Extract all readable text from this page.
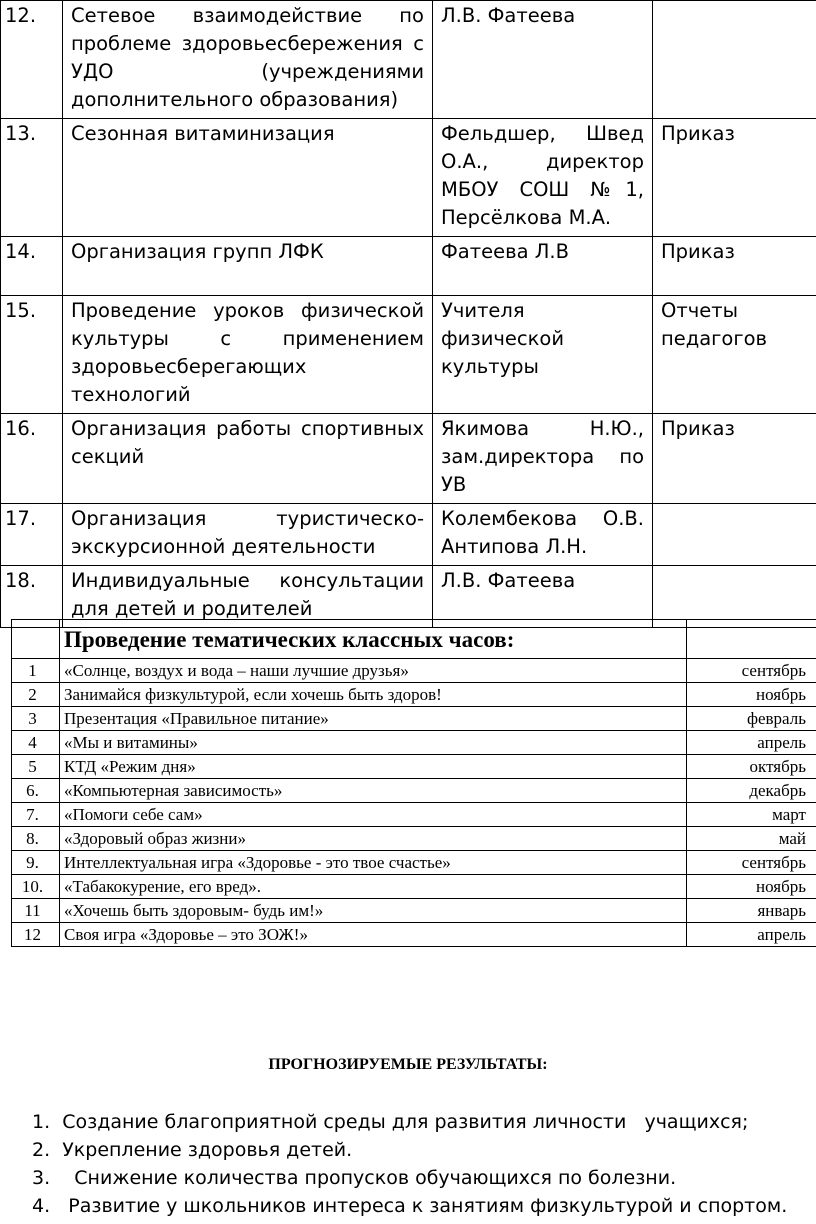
12.	Сетевое взаимодействие по проблеме здоровьесбережения с УДО (учреждениями дополнительного образования)	Л.В. Фатеева	
13.	Сезонная витаминизация	Фельдшер, Швед О.А., директор МБОУ СОШ №1, Персёлкова М.А.	Приказ
14.	Организация групп ЛФК	Фатеева Л.В	Приказ
15.	Проведение уроков физической культуры с применением здоровьесберегающих технологий	Учителя физической культуры	Отчеты педагогов
16.	Организация работы спортивных секций	Якимова Н.Ю., зам.директора по УВ	Приказ
17.	Организация туристическо-экскурсионной деятельности	Колембекова О.В. Антипова Л.Н.	
18.	Индивидуальные консультации для детей и родителей	Л.В. Фатеева	
	Проведение тематических классных часов:	
1	«Солнце, воздух и вода – наши лучшие друзья»	сентябрь
2	Занимайся физкультурой, если хочешь быть здоров!	ноябрь
3	Презентация «Правильное питание»	февраль
4	«Мы и витамины»	апрель
5	КТД «Режим дня»	октябрь
6.	«Компьютерная зависимость»	декабрь
7.	«Помоги себе сам»	март
8.	«Здоровый образ жизни»	май
9.	Интеллектуальная игра «Здоровье - это твое счастье»	сентябрь
10.	«Табакокурение, его вред».	ноябрь
11	«Хочешь быть здоровым- будь им!»	январь
12	Своя игра «Здоровье – это ЗОЖ!»	апрель
ПРОГНОЗИРУЕМЫЕ РЕЗУЛЬТАТЫ:
1.  Создание благоприятной среды для развития личности   учащихся;
2.  Укрепление здоровья детей.
3.    Снижение количества пропусков обучающихся по болезни.
4.   Развитие у школьников интереса к занятиям физкультурой и спортом.
